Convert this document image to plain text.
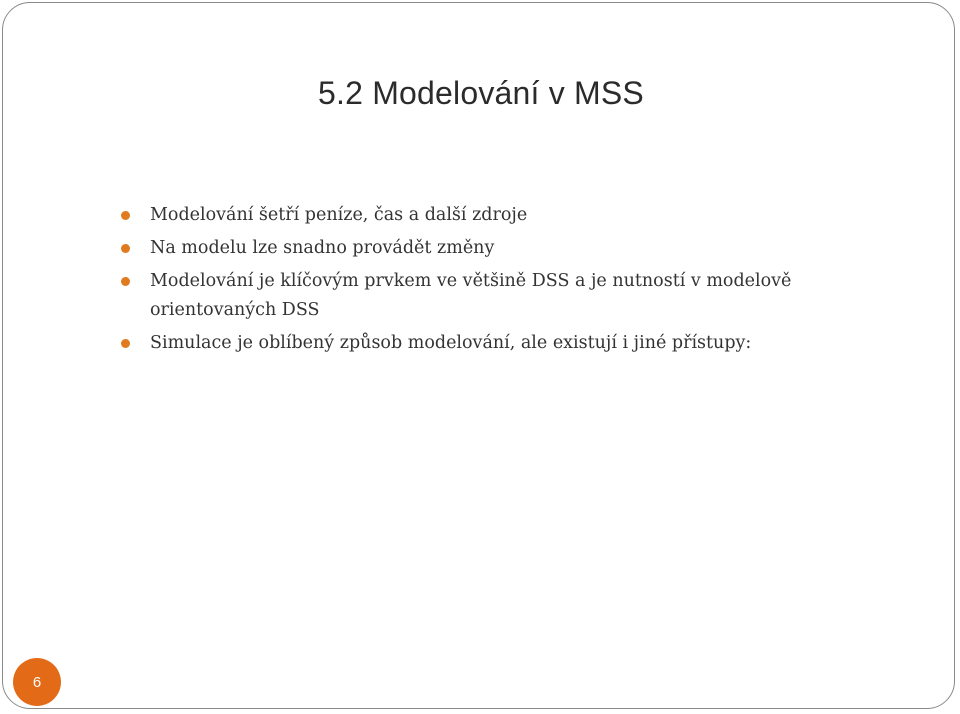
5.2 Modelování v MSS
Modelování šetří peníze, čas a další zdroje
Na modelu lze snadno provádět změny
Modelování je klíčovým prvkem ve většině DSS a je nutností v modelově orientovaných DSS
Simulace je oblíbený způsob modelování, ale existují i jiné přístupy:
6
